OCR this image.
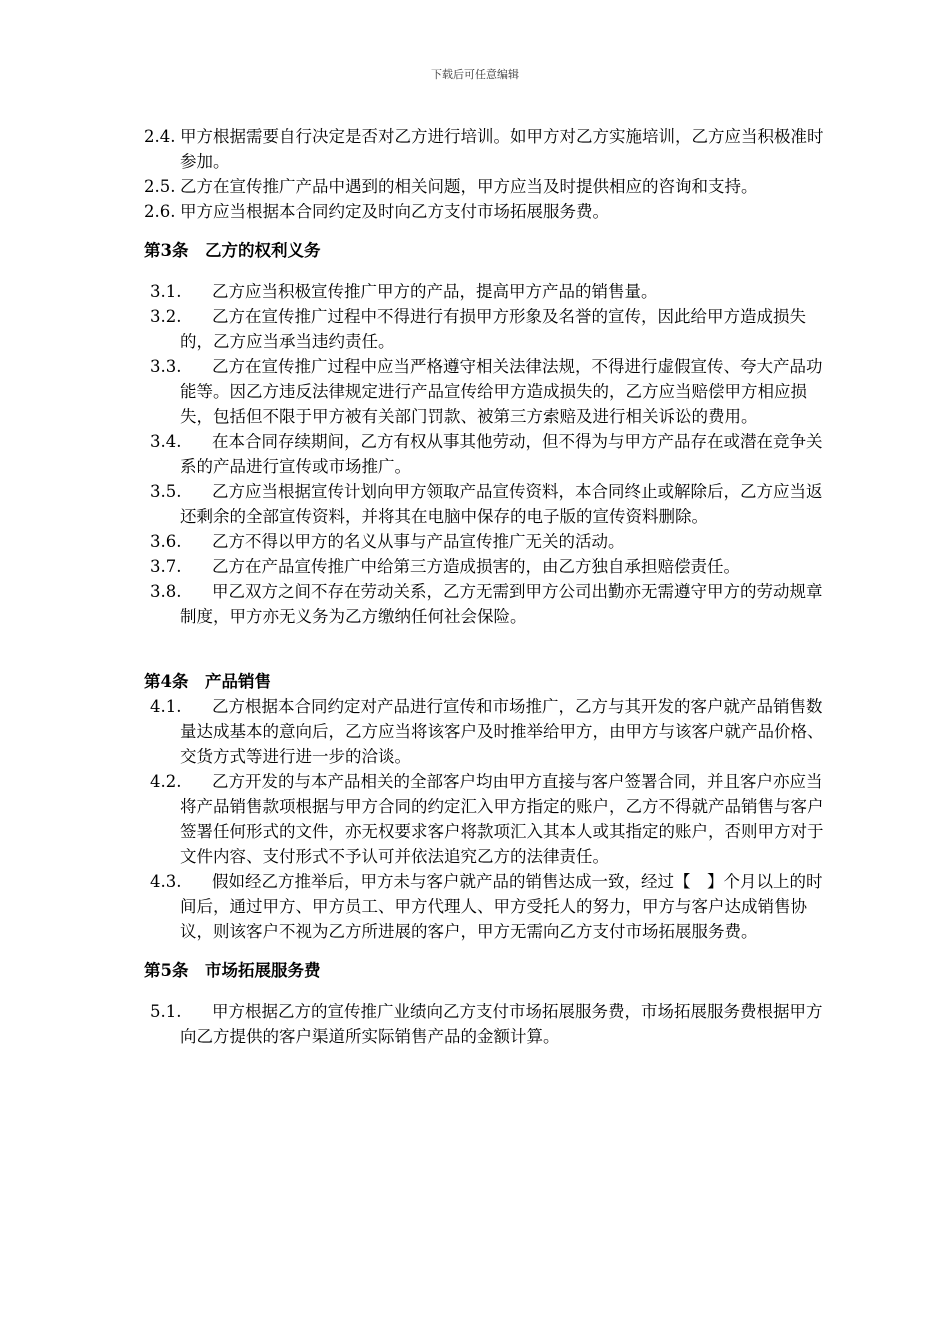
下载后可任意编辑
2.4. 甲方根据需要自行决定是否对乙方进行培训。如甲方对乙方实施培训，乙方应当积极准时参加。
2.5. 乙方在宣传推广产品中遇到的相关问题，甲方应当及时提供相应的咨询和支持。
2.6. 甲方应当根据本合同约定及时向乙方支付市场拓展服务费。

第3条　乙方的权利义务

3.1.	乙方应当积极宣传推广甲方的产品，提高甲方产品的销售量。
3.2.	乙方在宣传推广过程中不得进行有损甲方形象及名誉的宣传，因此给甲方造成损失的，乙方应当承当违约责任。
3.3.	乙方在宣传推广过程中应当严格遵守相关法律法规，不得进行虚假宣传、夸大产品功能等。因乙方违反法律规定进行产品宣传给甲方造成损失的，乙方应当赔偿甲方相应损失，包括但不限于甲方被有关部门罚款、被第三方索赔及进行相关诉讼的费用。
3.4.	在本合同存续期间，乙方有权从事其他劳动，但不得为与甲方产品存在或潜在竞争关系的产品进行宣传或市场推广。
3.5.	乙方应当根据宣传计划向甲方领取产品宣传资料，本合同终止或解除后，乙方应当返还剩余的全部宣传资料，并将其在电脑中保存的电子版的宣传资料删除。
3.6.	乙方不得以甲方的名义从事与产品宣传推广无关的活动。
3.7.	乙方在产品宣传推广中给第三方造成损害的，由乙方独自承担赔偿责任。
3.8.	甲乙双方之间不存在劳动关系，乙方无需到甲方公司出勤亦无需遵守甲方的劳动规章制度，甲方亦无义务为乙方缴纳任何社会保险。

第4条　产品销售

4.1.	乙方根据本合同约定对产品进行宣传和市场推广，乙方与其开发的客户就产品销售数量达成基本的意向后，乙方应当将该客户及时推举给甲方，由甲方与该客户就产品价格、交货方式等进行进一步的洽谈。
4.2.	乙方开发的与本产品相关的全部客户均由甲方直接与客户签署合同，并且客户亦应当将产品销售款项根据与甲方合同的约定汇入甲方指定的账户，乙方不得就产品销售与客户签署任何形式的文件，亦无权要求客户将款项汇入其本人或其指定的账户，否则甲方对于文件内容、支付形式不予认可并依法追究乙方的法律责任。
4.3.	假如经乙方推举后，甲方未与客户就产品的销售达成一致，经过【　】个月以上的时间后，通过甲方、甲方员工、甲方代理人、甲方受托人的努力，甲方与客户达成销售协议，则该客户不视为乙方所进展的客户，甲方无需向乙方支付市场拓展服务费。

第5条　市场拓展服务费

5.1.	甲方根据乙方的宣传推广业绩向乙方支付市场拓展服务费，市场拓展服务费根据甲方向乙方提供的客户渠道所实际销售产品的金额计算。
